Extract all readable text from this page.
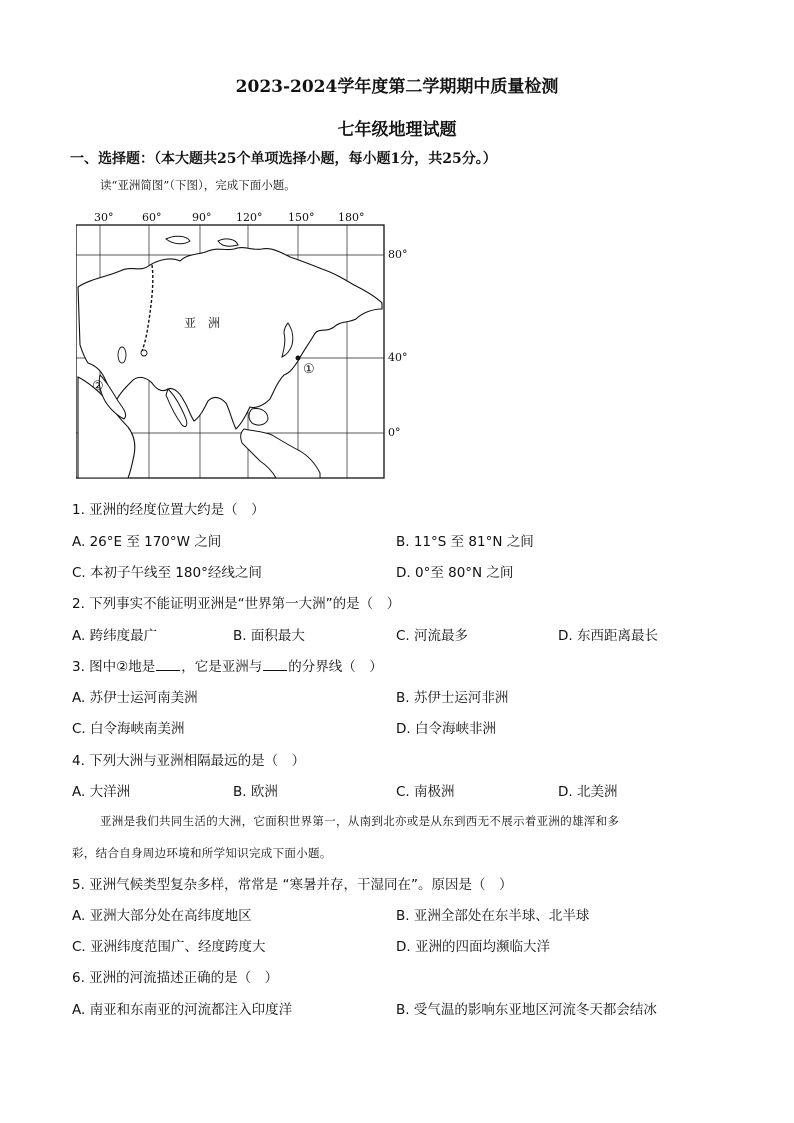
2023-2024学年度第二学期期中质量检测
七年级地理试题
一、选择题：（本大题共25个单项选择小题，每小题1分，共25分。）
读“亚洲简图”（下图），完成下面小题。
30°	60°	90° 120° 150° 180°
80°
40°
0°
亚　洲
①
②
1. 亚洲的经度位置大约是（　）
A. 26°E 至 170°W 之间	B. 11°S 至 81°N 之间
C. 本初子午线至 180°经线之间	D. 0°至 80°N 之间
2. 下列事实不能证明亚洲是“世界第一大洲”的是（　）
A. 跨纬度最广	B. 面积最大	C. 河流最多	D. 东西距离最长
3. 图中②地是 ，它是亚洲与 的分界线（　）
A. 苏伊士运河南美洲	B. 苏伊士运河非洲
C. 白令海峡南美洲	D. 白令海峡非洲
4. 下列大洲与亚洲相隔最远的是（　）
A. 大洋洲	B. 欧洲	C. 南极洲	D. 北美洲
亚洲是我们共同生活的大洲，它面积世界第一，从南到北亦或是从东到西无不展示着亚洲的雄浑和多
彩，结合自身周边环境和所学知识完成下面小题。
5. 亚洲气候类型复杂多样，常常是 “寒暑并存，干湿同在”。原因是（　）
A. 亚洲大部分处在高纬度地区	B. 亚洲全部处在东半球、北半球
C. 亚洲纬度范围广、经度跨度大	D. 亚洲的四面均濒临大洋
6. 亚洲的河流描述正确的是（　）
A. 南亚和东南亚的河流都注入印度洋	B. 受气温的影响东亚地区河流冬天都会结冰
